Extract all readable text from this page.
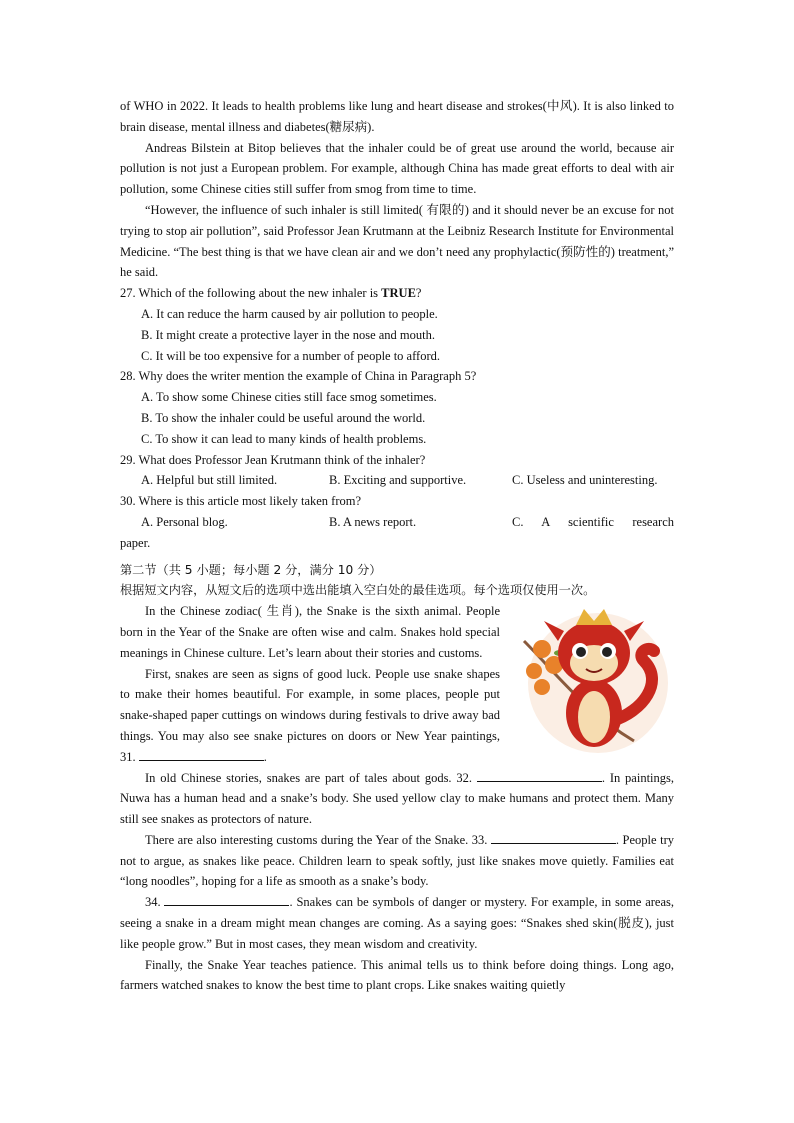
of WHO in 2022. It leads to health problems like lung and heart disease and strokes(中风). It is also linked to brain disease, mental illness and diabetes(糖尿病).

Andreas Bilstein at Bitop believes that the inhaler could be of great use around the world, because air pollution is not just a European problem. For example, although China has made great efforts to deal with air pollution, some Chinese cities still suffer from smog from time to time.

“However, the influence of such inhaler is still limited( 有限的) and it should never be an excuse for not trying to stop air pollution”, said Professor Jean Krutmann at the Leibniz Research Institute for Environmental Medicine. “The best thing is that we have clean air and we don’t need any prophylactic(预防性的) treatment,” he said.

27. Which of the following about the new inhaler is TRUE?

A. It can reduce the harm caused by air pollution to people.

B. It might create a protective layer in the nose and mouth.

C. It will be too expensive for a number of people to afford.

28. Why does the writer mention the example of China in Paragraph 5?

A. To show some Chinese cities still face smog sometimes.

B. To show the inhaler could be useful around the world.

C. To show it can lead to many kinds of health problems.

29. What does Professor Jean Krutmann think of the inhaler?

A. Helpful but still limited.	B. Exciting and supportive.	C. Useless and uninteresting.

30. Where is this article most likely taken from?

A. Personal blog.	B. A news report.	C. A scientific research

paper.

第二节（共 5 小题；每小题 2 分，满分 10 分）

根据短文内容，从短文后的选项中选出能填入空白处的最佳选项。每个选项仅使用一次。

In the Chinese zodiac( 生肖), the Snake is the sixth animal. People born in the Year of the Snake are often wise and calm. Snakes hold special meanings in Chinese culture. Let’s learn about their stories and customs.

First, snakes are seen as signs of good luck. People use snake shapes to make their homes beautiful. For example, in some places, people put snake-shaped paper cuttings on windows during festivals to drive away bad things. You may also see snake pictures on doors or New Year paintings, 31.	.

In old Chinese stories, snakes are part of tales about gods. 32.	. In paintings, Nuwa has a human head and a snake’s body. She used yellow clay to make humans and protect them. Many still see snakes as protectors of nature.

There are also interesting customs during the Year of the Snake. 33.	. People try not to argue, as snakes like peace. Children learn to speak softly, just like snakes move quietly. Families eat “long noodles”, hoping for a life as smooth as a snake’s body.

34.	. Snakes can be symbols of danger or mystery. For example, in some areas, seeing a snake in a dream might mean changes are coming. As a saying goes: “Snakes shed skin(脱皮), just like people grow.” But in most cases, they mean wisdom and creativity.

Finally, the Snake Year teaches patience. This animal tells us to think before doing things. Long ago, farmers watched snakes to know the best time to plant crops. Like snakes waiting quietly
